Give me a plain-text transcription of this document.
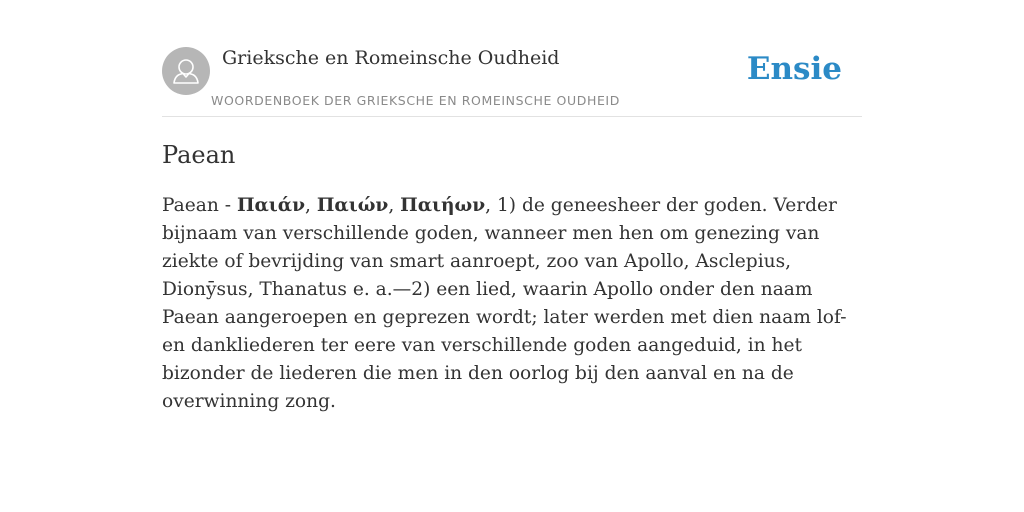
Grieksche en Romeinsche Oudheid
WOORDENBOEK DER GRIEKSCHE EN ROMEINSCHE OUDHEID
Ensie
Paean

Paean - Παιάν, Παιών, Παιήων, 1) de geneesheer der goden. Verder bijnaam van verschillende goden, wanneer men hen om genezing van ziekte of bevrijding van smart aanroept, zoo van Apollo, Asclepius, Dionȳsus, Thanatus e. a.—2) een lied, waarin Apollo onder den naam Paean aangeroepen en geprezen wordt; later werden met dien naam lof- en dankliederen ter eere van verschillende goden aangeduid, in het bizonder de liederen die men in den oorlog bij den aanval en na de overwinning zong.
